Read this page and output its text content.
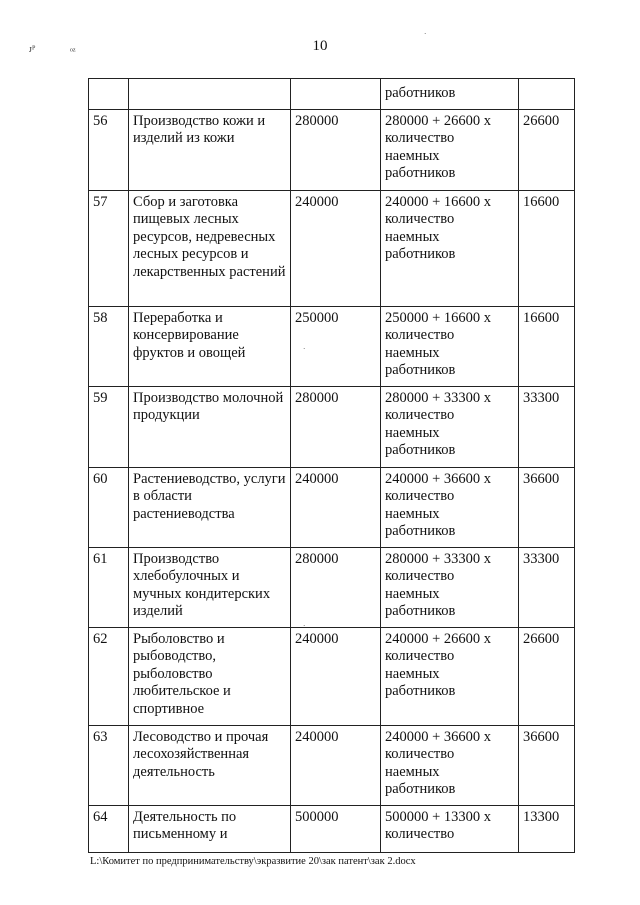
10
ᴊᴾ	ᵒᶻ
·
·
·
			работников	
56	Производство кожи и изделий из кожи	280000	280000 + 26600 х
количество
наемных
работников	26600
57	Сбор и заготовка пищевых лесных ресурсов, недревесных лесных ресурсов и лекарственных растений	240000	240000 + 16600 х
количество
наемных
работников	16600
58	Переработка и консервирование фруктов и овощей	250000	250000 + 16600 х
количество
наемных
работников	16600
59	Производство молочной продукции	280000	280000 + 33300 х
количество
наемных
работников	33300
60	Растениеводство, услуги в области растениеводства	240000	240000 + 36600 х
количество
наемных
работников	36600
61	Производство хлебобулочных и мучных кондитерских изделий	280000	280000 + 33300 х
количество
наемных
работников	33300
62	Рыболовство и рыбоводство, рыболовство любительское и спортивное	240000	240000 + 26600 х
количество
наемных
работников	26600
63	Лесоводство и прочая лесохозяйственная деятельность	240000	240000 + 36600 х
количество
наемных
работников	36600
64	Деятельность по письменному и	500000	500000 + 13300 х
количество	13300
L:\Комитет по предпринимательству\экразвитие 20\зак патент\зак 2.docx
